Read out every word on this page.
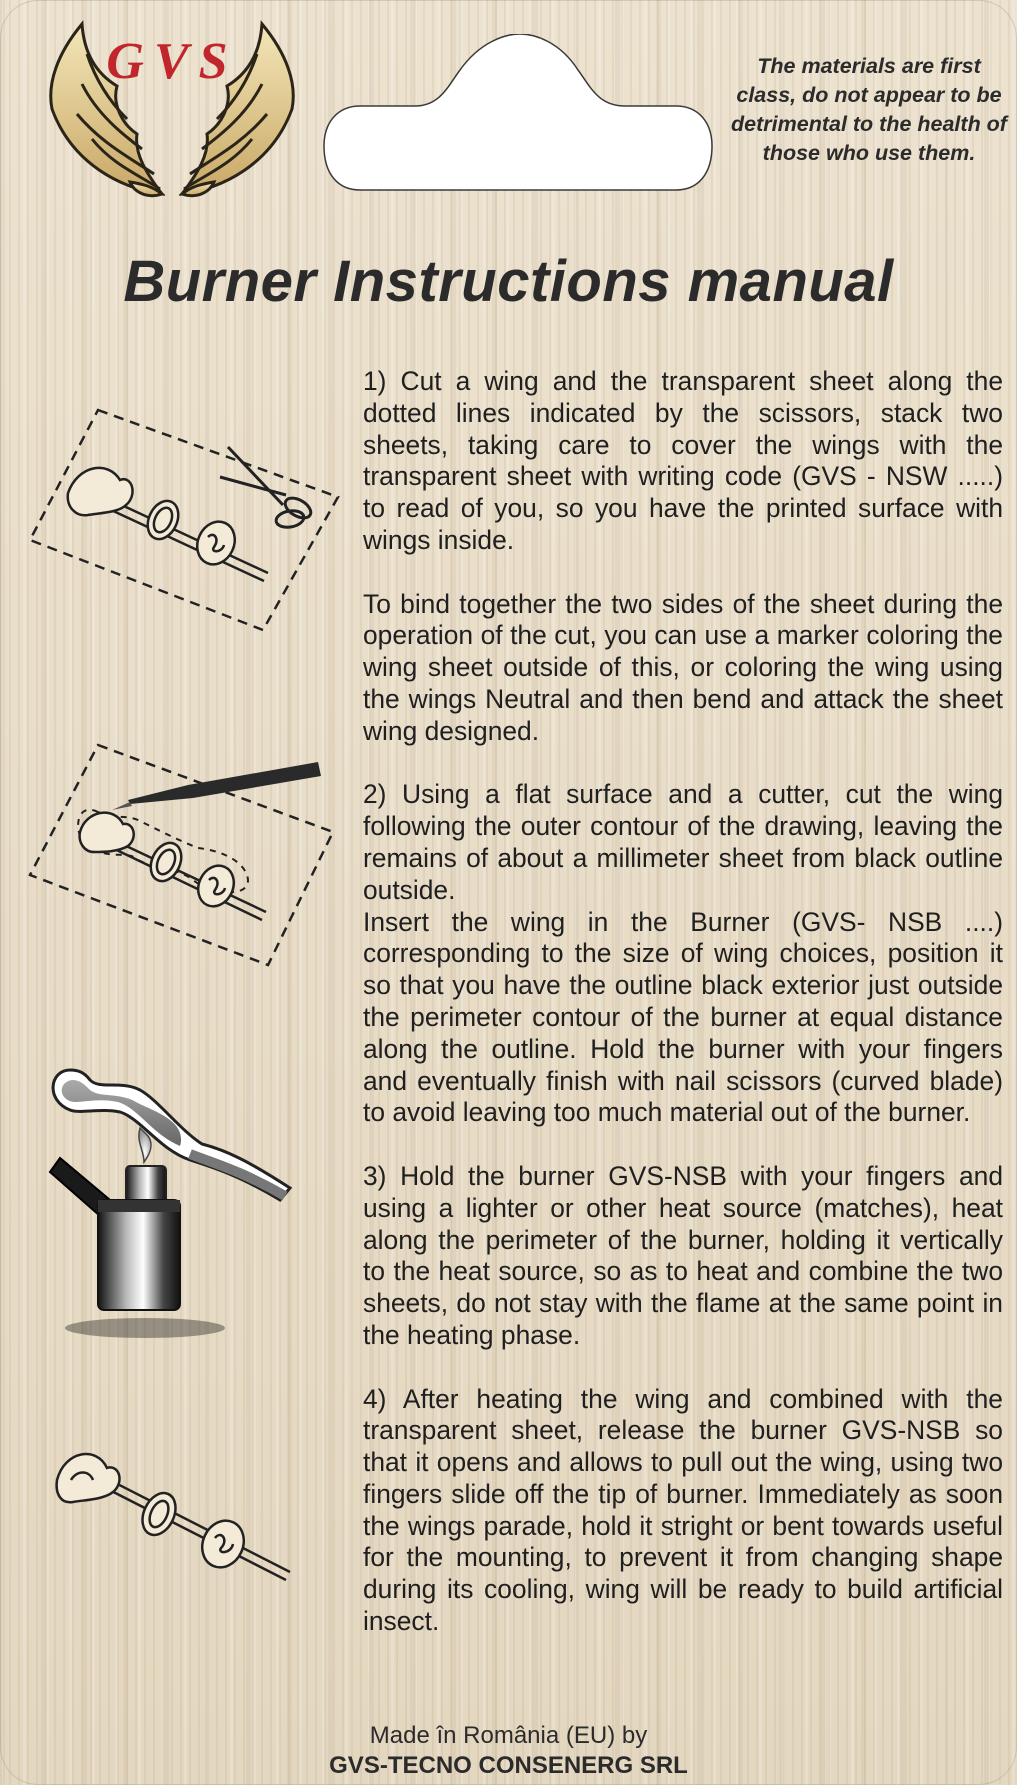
GVS	The materials are first class, do not appear to be detrimental to the health of those who use them.
Burner Instructions manual

1) Cut a wing and the transparent sheet along the dotted lines indicated by the scissors, stack two sheets, taking care to cover the wings with the transparent sheet with writing code (GVS - NSW .....) to read of you, so you have the printed surface with wings inside.

To bind together the two sides of the sheet during the operation of the cut, you can use a marker coloring the wing sheet outside of this, or coloring the wing using the wings Neutral and then bend and attack the sheet wing designed.

2) Using a flat surface and a cutter, cut the wing following the outer contour of the drawing, leaving the remains of about a millimeter sheet from black outline outside.

Insert the wing in the Burner (GVS- NSB ....) corresponding to the size of wing choices, position it so that you have the outline black exterior just outside the perimeter contour of the burner at equal distance along the outline. Hold the burner with your fingers and eventually finish with nail scissors (curved blade) to avoid leaving too much material out of the burner.

3) Hold the burner GVS-NSB with your fingers and using a lighter or other heat source (matches), heat along the perimeter of the burner, holding it vertically to the heat source, so as to heat and combine the two sheets, do not stay with the flame at the same point in the heating phase.

4) After heating the wing and combined with the transparent sheet, release the burner GVS-NSB so that it opens and allows to pull out the wing, using two fingers slide off the tip of burner. Immediately as soon the wings parade, hold it stright or bent towards useful for the mounting, to prevent it from changing shape during its cooling, wing will be ready to build artificial insect.

Made în România (EU) by
GVS-TECNO CONSENERG SRL
